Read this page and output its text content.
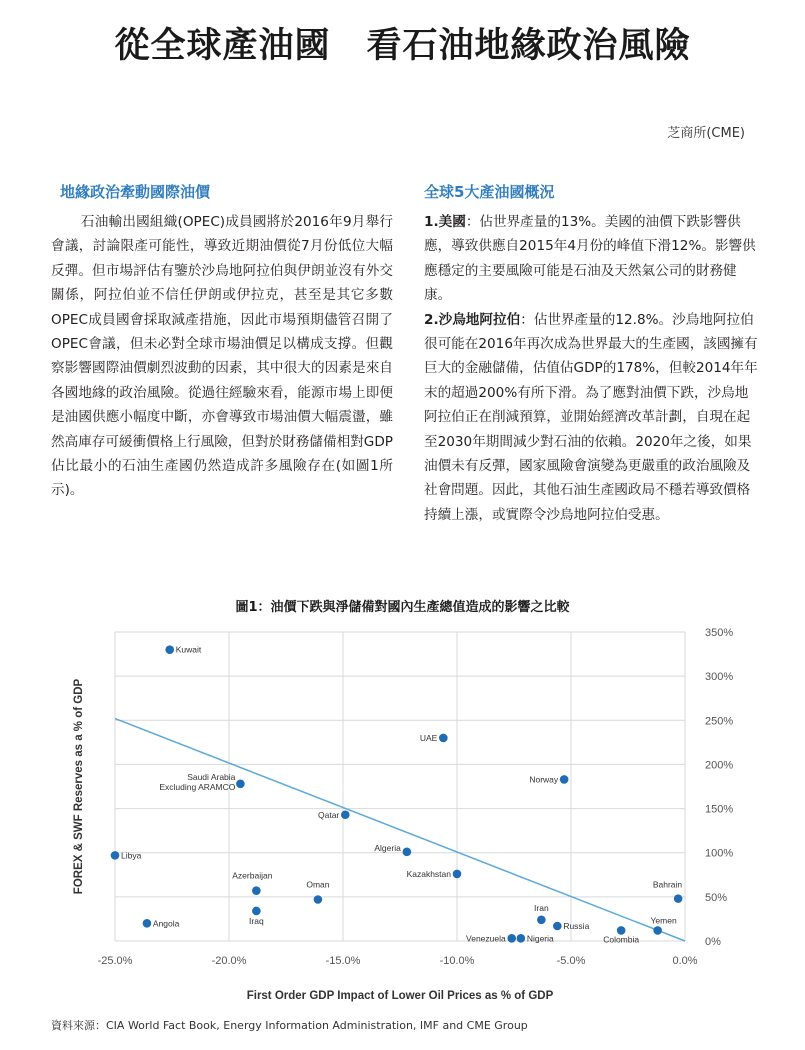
從全球產油國　看石油地緣政治風險
芝商所(CME)
地緣政治牽動國際油價	全球5大產油國概況

石油輸出國組織(OPEC)成員國將於2016年9月舉行會議，討論限產可能性，導致近期油價從7月份低位大幅反彈。但市場評估有鑒於沙烏地阿拉伯與伊朗並沒有外交關係，阿拉伯並不信任伊朗或伊拉克，甚至是其它多數OPEC成員國會採取減產措施，因此市場預期儘管召開了OPEC會議，但未必對全球市場油價足以構成支撐。但觀察影響國際油價劇烈波動的因素，其中很大的因素是來自各國地緣的政治風險。從過往經驗來看，能源市場上即便是油國供應小幅度中斷，亦會導致市場油價大幅震盪，雖然高庫存可緩衝價格上行風險，但對於財務儲備相對GDP佔比最小的石油生產國仍然造成許多風險存在(如圖1所示)。

1.美國：佔世界產量的13%。美國的油價下跌影響供應，導致供應自2015年4月份的峰值下滑12%。影響供應穩定的主要風險可能是石油及天然氣公司的財務健康。

2.沙烏地阿拉伯：佔世界產量的12.8%。沙烏地阿拉伯很可能在2016年再次成為世界最大的生產國，該國擁有巨大的金融儲備，估值佔GDP的178%，但較2014年年末的超過200%有所下滑。為了應對油價下跌，沙烏地阿拉伯正在削減預算，並開始經濟改革計劃，自現在起至2030年期間減少對石油的依賴。2020年之後，如果油價未有反彈，國家風險會演變為更嚴重的政治風險及社會問題。因此，其他石油生產國政局不穩若導致價格持續上漲，或實際令沙烏地阿拉伯受惠。

圖1：油價下跌與淨儲備對國內生產總值造成的影響之比較
0%
50%
100%
150%
200%
250%
300%
350%
-25.0%	-20.0%	-15.0%	-10.0%	-5.0%	0.0%
First Order GDP Impact of Lower Oil Prices as % of GDP
FOREX & SWF Reserves as a % of GDP
Kuwait
Saudi Arabia
Excluding ARAMCO
UAE
Norway
Qatar
Algeria
Libya
Kazakhstan
Azerbaijan
Oman	Bahrain
Iraq
Angola
Iran
Russia
Yemen
Colombia
Venezuela Nigeria
資料來源：CIA World Fact Book, Energy Information Administration, IMF and CME Group
